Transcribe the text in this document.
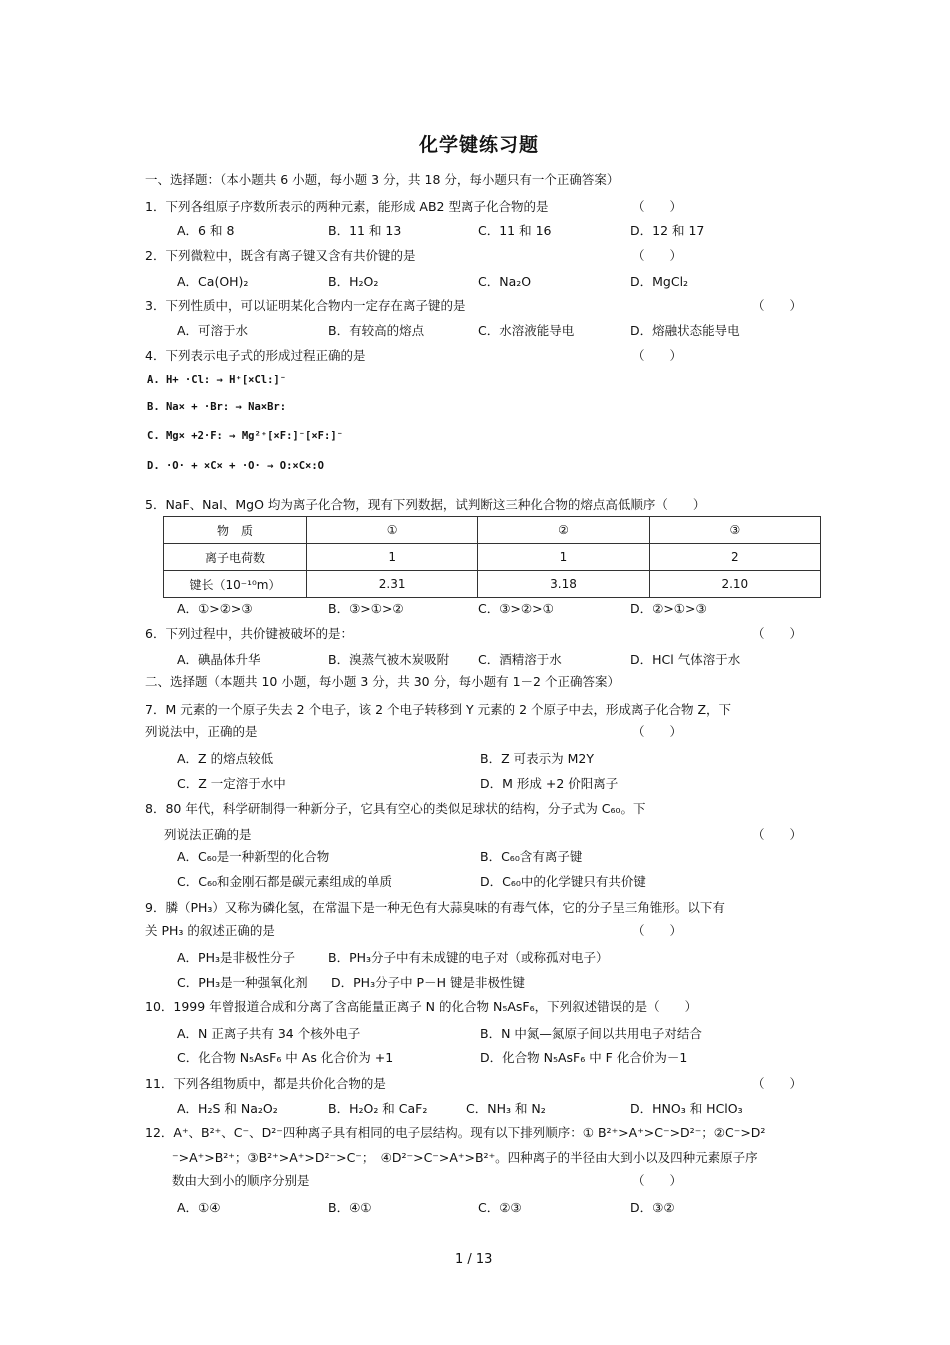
化学键练习题
一、选择题：（本小题共 6 小题，每小题 3 分，共 18 分，每小题只有一个正确答案）
1．下列各组原子序数所表示的两种元素，能形成 AB2 型离子化合物的是	（　　）
A．6 和 8	B．11 和 13	C．11 和 16	D．12 和 17
2．下列微粒中，既含有离子键又含有共价键的是	（　　）
A．Ca(OH)₂	B．H₂O₂	C．Na₂O	D．MgCl₂
3．下列性质中，可以证明某化合物内一定存在离子键的是	（　　）
A．可溶于水	B．有较高的熔点	C．水溶液能导电	D．熔融状态能导电
4．下列表示电子式的形成过程正确的是	（　　）
A. H+ ·Cl: → H⁺[×Cl:]⁻
B. Na× + ·Br: → Na×Br:
C. Mg× +2·F: → Mg²⁺[×F:]⁻[×F:]⁻
D. ·O· + ×C× + ·O· → O:×C×:O
5．NaF、NaI、MgO 均为离子化合物，现有下列数据，试判断这三种化合物的熔点高低顺序（　　）
物　质	①	②	③
离子电荷数	1	1	2
键长（10⁻¹⁰m）	2.31	3.18	2.10
A．①>②>③	B．③>①>②	C．③>②>①	D．②>①>③
6．下列过程中，共价键被破坏的是：	（　　）
A．碘晶体升华	B．溴蒸气被木炭吸附 C．酒精溶于水	D．HCl 气体溶于水
二、选择题（本题共 10 小题，每小题 3 分，共 30 分，每小题有 1－2 个正确答案）
7．M 元素的一个原子失去 2 个电子，该 2 个电子转移到 Y 元素的 2 个原子中去，形成离子化合物 Z，下
列说法中，正确的是	（　　）
A．Z 的熔点较低	B．Z 可表示为 M2Y
C．Z 一定溶于水中	D．M 形成 +2 价阳离子
8．80 年代，科学研制得一种新分子，它具有空心的类似足球状的结构，分子式为 C₆₀。下
列说法正确的是	（　　）
A．C₆₀是一种新型的化合物	B．C₆₀含有离子键
C．C₆₀和金刚石都是碳元素组成的单质	D．C₆₀中的化学键只有共价键
9．膦（PH₃）又称为磷化氢，在常温下是一种无色有大蒜臭味的有毒气体，它的分子呈三角锥形。以下有
关 PH₃ 的叙述正确的是	（　　）
A．PH₃是非极性分子	B．PH₃分子中有未成键的电子对（或称孤对电子）
C．PH₃是一种强氧化剂 D．PH₃分子中 P－H 键是非极性键
10．1999 年曾报道合成和分离了含高能量正离子 N 的化合物 N₅AsF₆，下列叙述错误的是（　　）
A．N 正离子共有 34 个核外电子	B．N 中氮—氮原子间以共用电子对结合
C．化合物 N₅AsF₆ 中 As 化合价为 +1	D．化合物 N₅AsF₆ 中 F 化合价为－1
11．下列各组物质中，都是共价化合物的是	（　　）
A．H₂S 和 Na₂O₂	B．H₂O₂ 和 CaF₂	C．NH₃ 和 N₂	D．HNO₃ 和 HClO₃
12．A⁺、B²⁺、C⁻、D²⁻四种离子具有相同的电子层结构。现有以下排列顺序：① B²⁺>A⁺>C⁻>D²⁻；②C⁻>D²
⁻>A⁺>B²⁺；③B²⁺>A⁺>D²⁻>C⁻；　④D²⁻>C⁻>A⁺>B²⁺。四种离子的半径由大到小以及四种元素原子序
数由大到小的顺序分别是	（　　）
A．①④	B．④①	C．②③	D．③②
1 / 13
